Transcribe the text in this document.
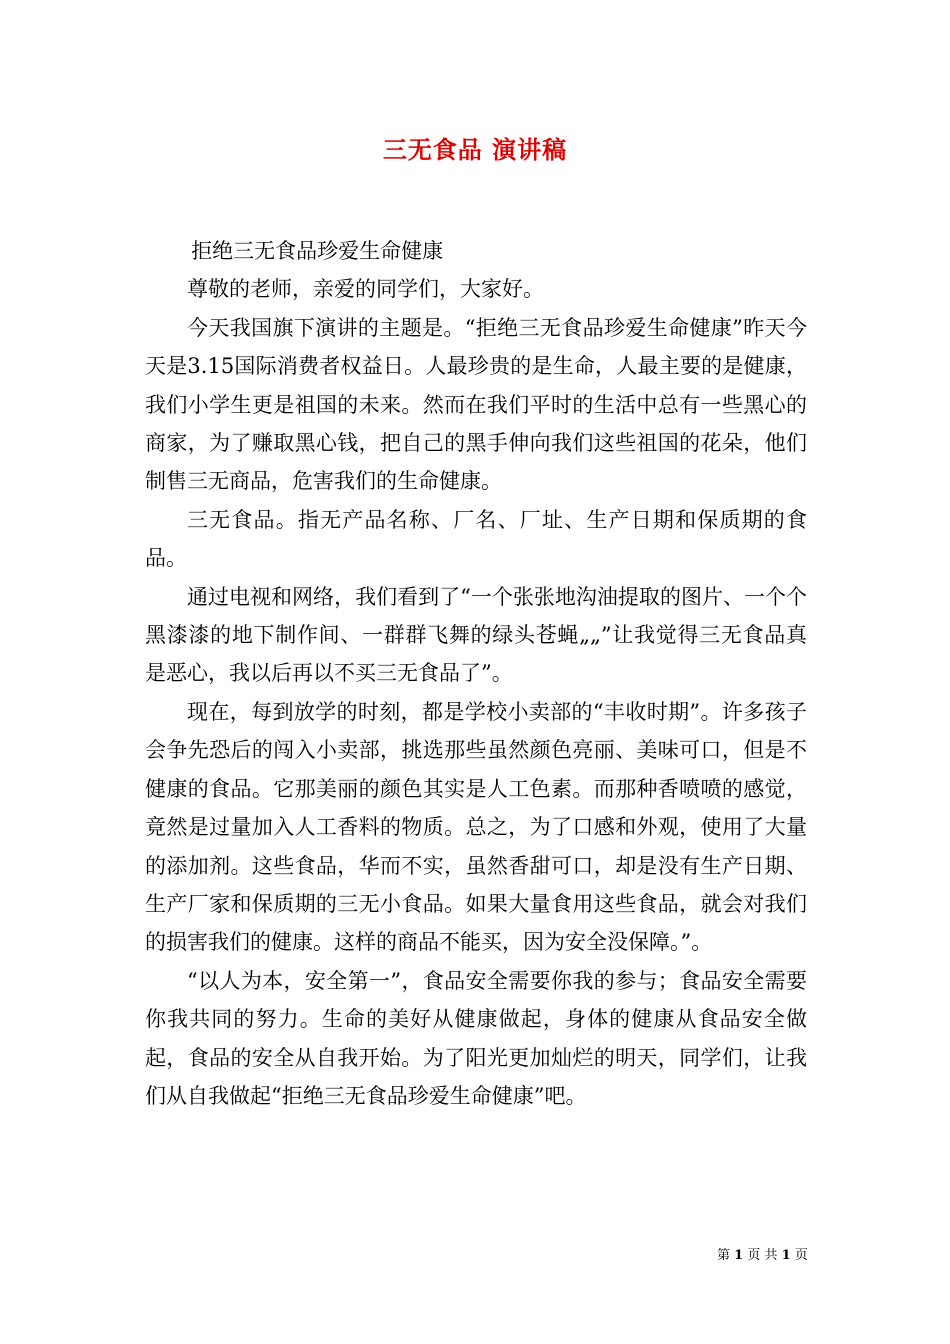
三无食品 演讲稿

拒绝三无食品珍爱生命健康

尊敬的老师，亲爱的同学们，大家好。

今天我国旗下演讲的主题是。“拒绝三无食品珍爱生命健康”昨天今天是3.15国际消费者权益日。人最珍贵的是生命，人最主要的是健康，我们小学生更是祖国的未来。然而在我们平时的生活中总有一些黑心的商家，为了赚取黑心钱，把自己的黑手伸向我们这些祖国的花朵，他们制售三无商品，危害我们的生命健康。

三无食品。指无产品名称、厂名、厂址、生产日期和保质期的食品。

通过电视和网络，我们看到了“一个张张地沟油提取的图片、一个个黑漆漆的地下制作间、一群群飞舞的绿头苍蝇„„”让我觉得三无食品真是恶心，我以后再以不买三无食品了”。

现在，每到放学的时刻，都是学校小卖部的“丰收时期”。许多孩子会争先恐后的闯入小卖部，挑选那些虽然颜色亮丽、美味可口，但是不健康的食品。它那美丽的颜色其实是人工色素。而那种香喷喷的感觉，竟然是过量加入人工香料的物质。总之，为了口感和外观，使用了大量的添加剂。这些食品，华而不实，虽然香甜可口，却是没有生产日期、生产厂家和保质期的三无小食品。如果大量食用这些食品，就会对我们的损害我们的健康。这样的商品不能买，因为安全没保障。”。

“以人为本，安全第一”，食品安全需要你我的参与；食品安全需要你我共同的努力。生命的美好从健康做起，身体的健康从食品安全做起，食品的安全从自我开始。为了阳光更加灿烂的明天，同学们，让我们从自我做起“拒绝三无食品珍爱生命健康”吧。

第 1 页 共 1 页
